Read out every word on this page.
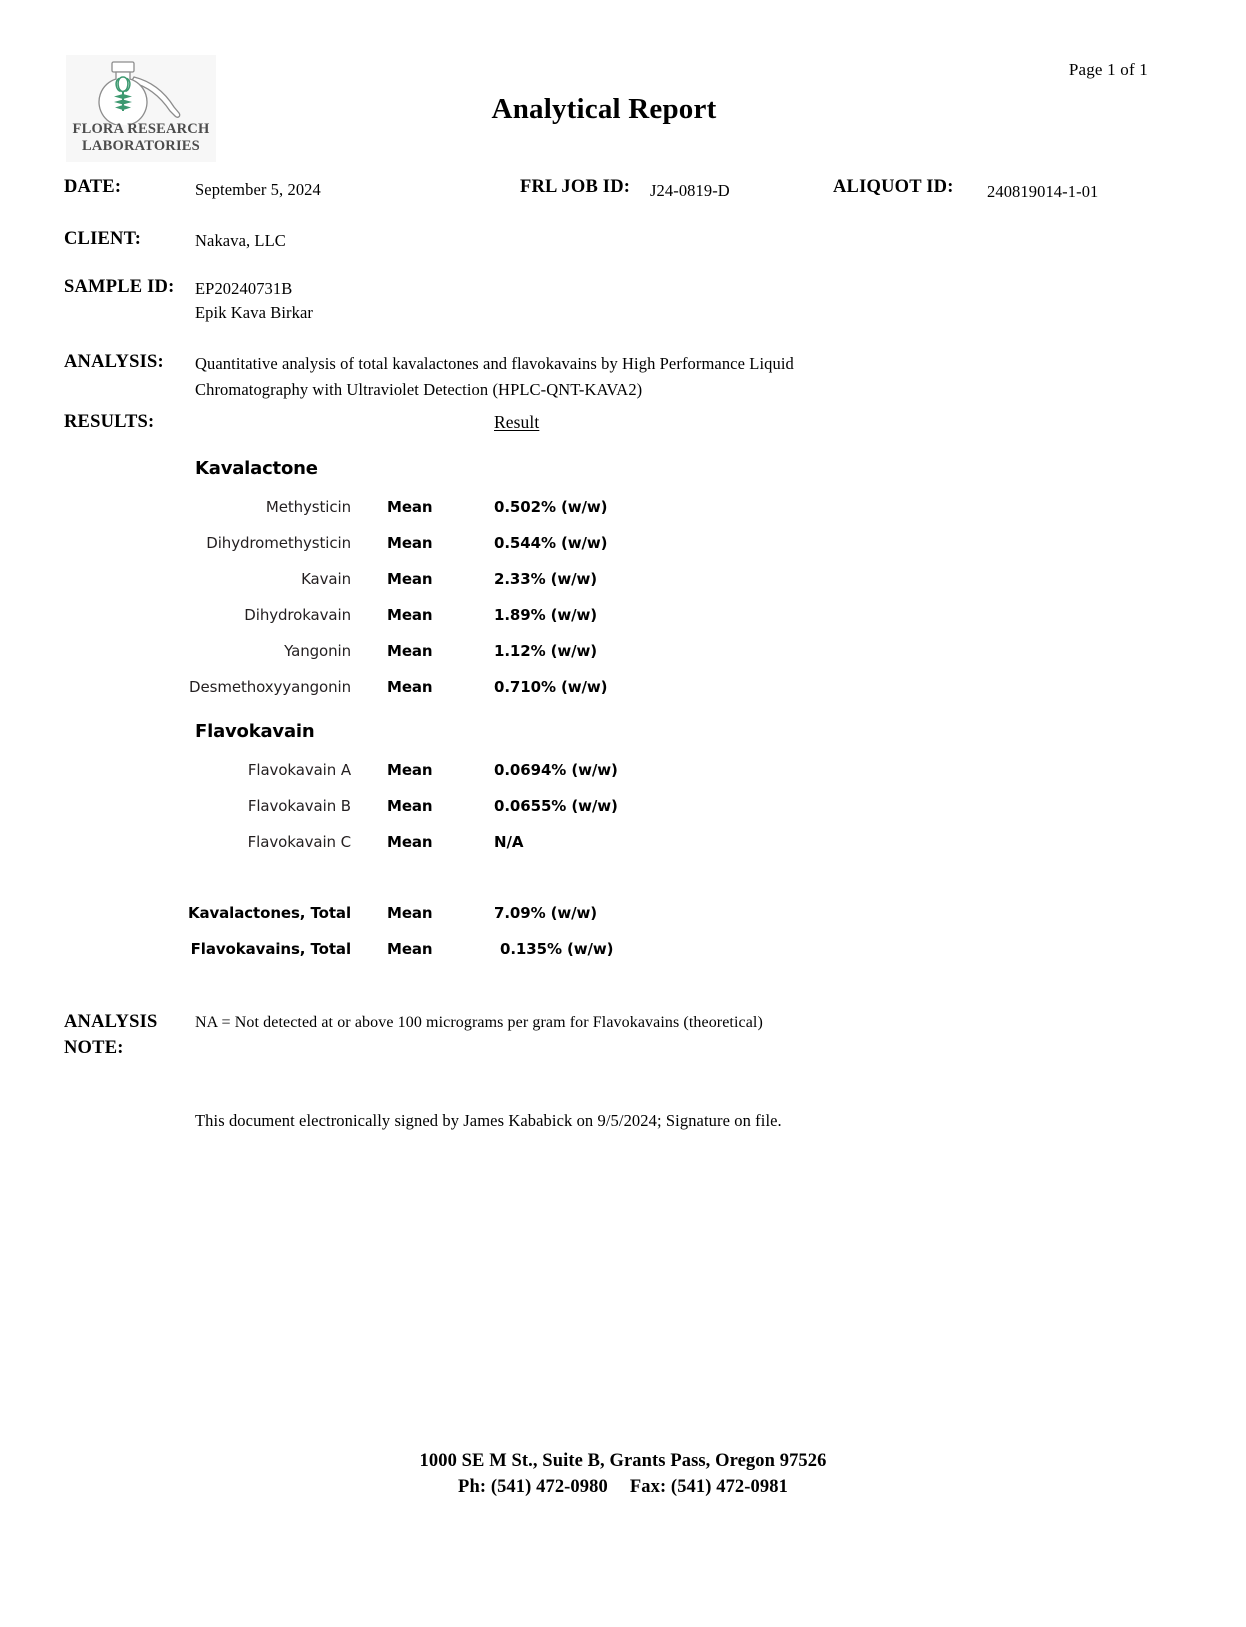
Page 1 of 1
FLORA RESEARCH
LABORATORIES
Analytical Report
DATE:	September 5, 2024	FRL JOB ID: J24-0819-D	ALIQUOT ID: 240819014-1-01
CLIENT:	Nakava, LLC
SAMPLE ID: EP20240731B
Epik Kava Birkar
ANALYSIS: Quantitative analysis of total kavalactones and flavokavains by High Performance Liquid Chromatography with Ultraviolet Detection (HPLC-QNT-KAVA2)
RESULTS:	Result
Kavalactone
Methysticin Mean	0.502% (w/w)
Dihydromethysticin Mean	0.544% (w/w)
Kavain Mean	2.33% (w/w)
Dihydrokavain Mean	1.89% (w/w)
Yangonin Mean	1.12% (w/w)
Desmethoxyyangonin Mean	0.710% (w/w)
Flavokavain
Flavokavain A Mean	0.0694% (w/w)
Flavokavain B Mean	0.0655% (w/w)
Flavokavain C Mean	N/A
Kavalactones, Total Mean	7.09% (w/w)
Flavokavains, Total Mean	0.135% (w/w)
ANALYSIS
NOTE:
NA = Not detected at or above 100 micrograms per gram for Flavokavains (theoretical)
This document electronically signed by James Kababick on 9/5/2024; Signature on file.
1000 SE M St., Suite B, Grants Pass, Oregon 97526
Ph: (541) 472-0980 Fax: (541) 472-0981
